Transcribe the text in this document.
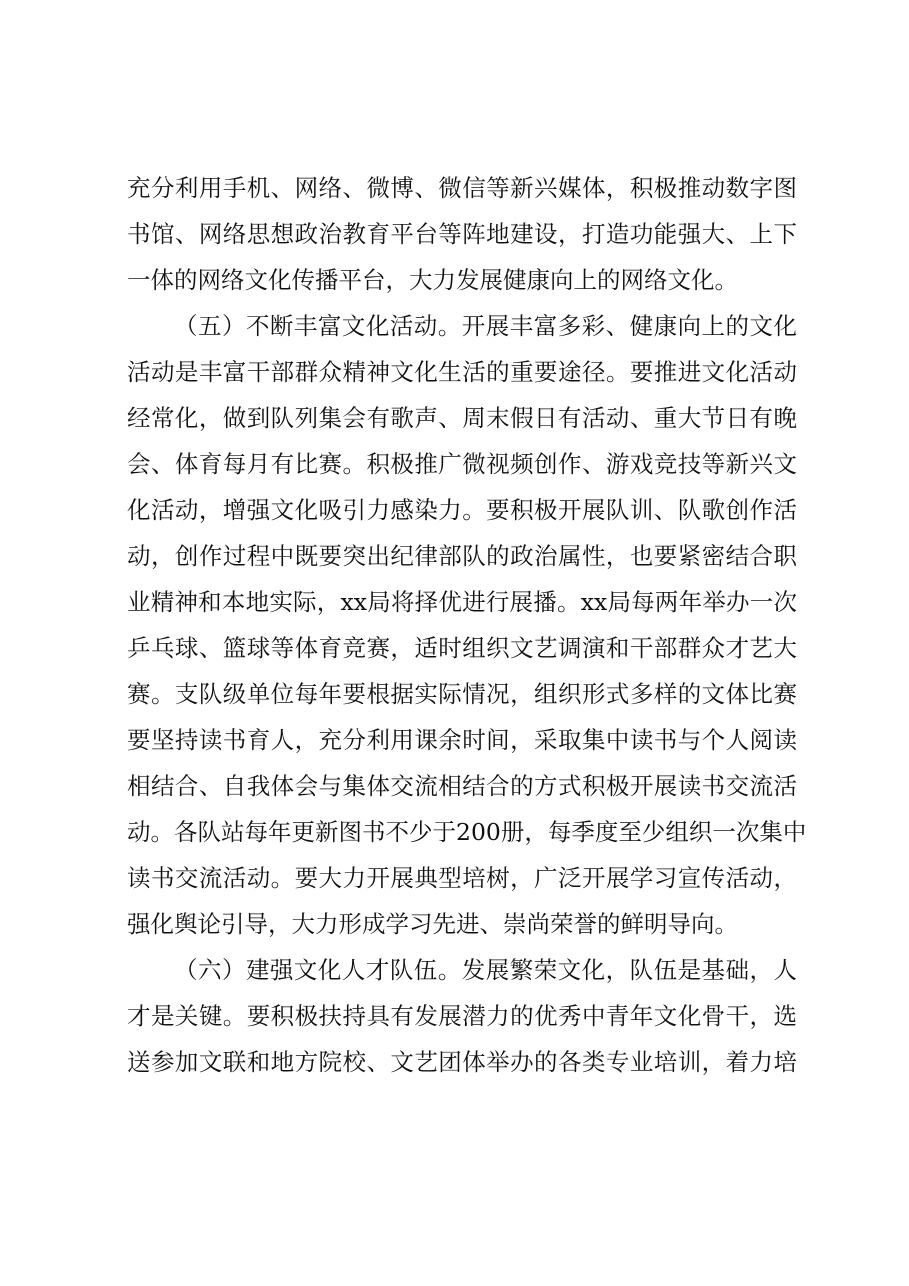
充分利用手机、网络、微博、微信等新兴媒体，积极推动数字图
书馆、网络思想政治教育平台等阵地建设，打造功能强大、上下
一体的网络文化传播平台，大力发展健康向上的网络文化。
（五）不断丰富文化活动。开展丰富多彩、健康向上的文化
活动是丰富干部群众精神文化生活的重要途径。要推进文化活动
经常化，做到队列集会有歌声、周末假日有活动、重大节日有晚
会、体育每月有比赛。积极推广微视频创作、游戏竞技等新兴文
化活动，增强文化吸引力感染力。要积极开展队训、队歌创作活
动，创作过程中既要突出纪律部队的政治属性，也要紧密结合职
业精神和本地实际，xx局将择优进行展播。xx局每两年举办一次
乒乓球、篮球等体育竞赛，适时组织文艺调演和干部群众才艺大
赛。支队级单位每年要根据实际情况，组织形式多样的文体比赛
要坚持读书育人，充分利用课余时间，采取集中读书与个人阅读
相结合、自我体会与集体交流相结合的方式积极开展读书交流活
动。各队站每年更新图书不少于200册，每季度至少组织一次集中
读书交流活动。要大力开展典型培树，广泛开展学习宣传活动，
强化舆论引导，大力形成学习先进、崇尚荣誉的鲜明导向。
（六）建强文化人才队伍。发展繁荣文化，队伍是基础，人
才是关键。要积极扶持具有发展潜力的优秀中青年文化骨干，选
送参加文联和地方院校、文艺团体举办的各类专业培训，着力培
